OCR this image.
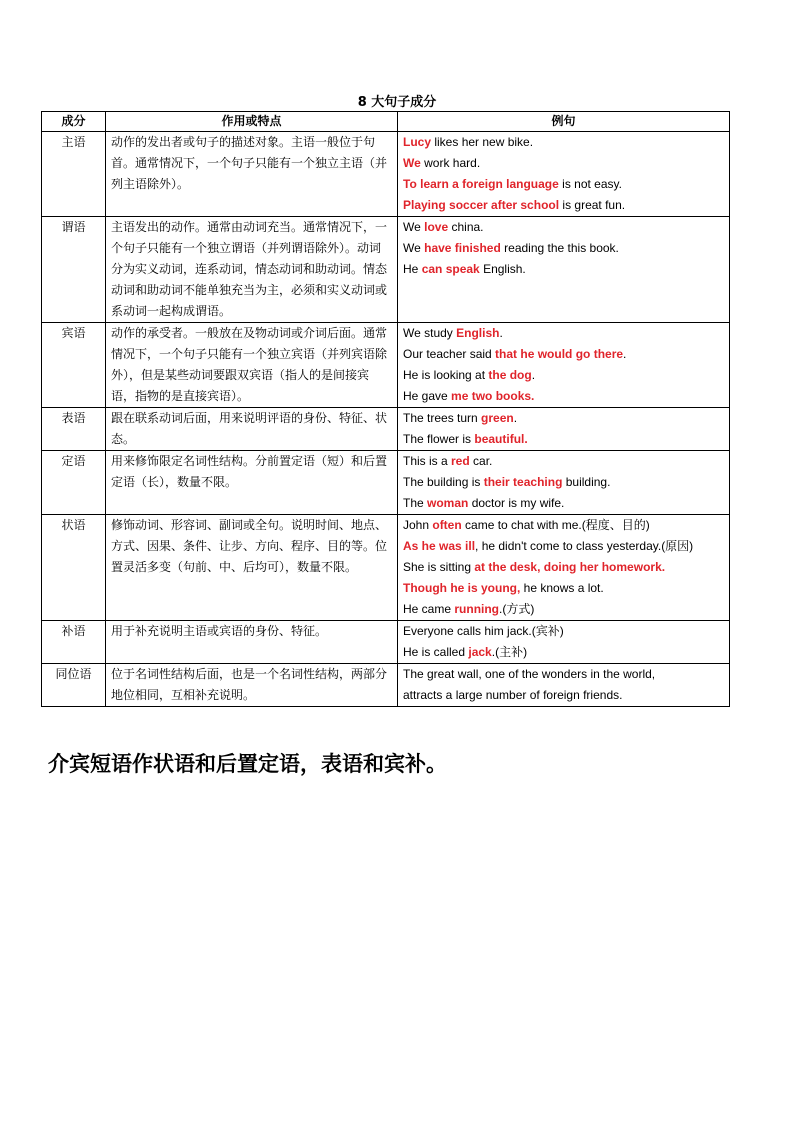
8 大句子成分
成分	作用或特点	例句
主语	动作的发出者或句子的描述对象。主语一般位于句首。通常情况下，一个句子只能有一个独立主语（并列主语除外）。	Lucy likes her new bike.
We work hard.
To learn a foreign language is not easy.
Playing soccer after school is great fun.

谓语	主语发出的动作。通常由动词充当。通常情况下，一个句子只能有一个独立谓语（并列谓语除外）。动词分为实义动词，连系动词，情态动词和助动词。情态动词和助动词不能单独充当为主，必须和实义动词或系动词一起构成谓语。	We love china.
We have finished reading the this book.
He can speak English.

宾语	动作的承受者。一般放在及物动词或介词后面。通常情况下，一个句子只能有一个独立宾语（并列宾语除外），但是某些动词要跟双宾语（指人的是间接宾语，指物的是直接宾语）。	We study English.
Our teacher said that he would go there.
He is looking at the dog.
He gave me two books.

表语	跟在联系动词后面，用来说明评语的身份、特征、状态。	The trees turn green.
The flower is beautiful.

定语	用来修饰限定名词性结构。分前置定语（短）和后置定语（长），数量不限。	This is a red car.
The building is their teaching building.
The woman doctor is my wife.

状语	修饰动词、形容词、副词或全句。说明时间、地点、方式、因果、条件、让步、方向、程序、目的等。位置灵活多变（句前、中、后均可），数量不限。	John often came to chat with me.(程度、目的)
As he was ill, he didn't come to class yesterday.(原因)
She is sitting at the desk, doing her homework.
Though he is young, he knows a lot.
He came running.(方式)

补语	用于补充说明主语或宾语的身份、特征。	Everyone calls him jack.(宾补)
He is called jack.(主补)

同位语	位于名词性结构后面，也是一个名词性结构，两部分地位相同，互相补充说明。	The great wall, one of the wonders in the world,
attracts a large number of foreign friends.
介宾短语作状语和后置定语，表语和宾补。
